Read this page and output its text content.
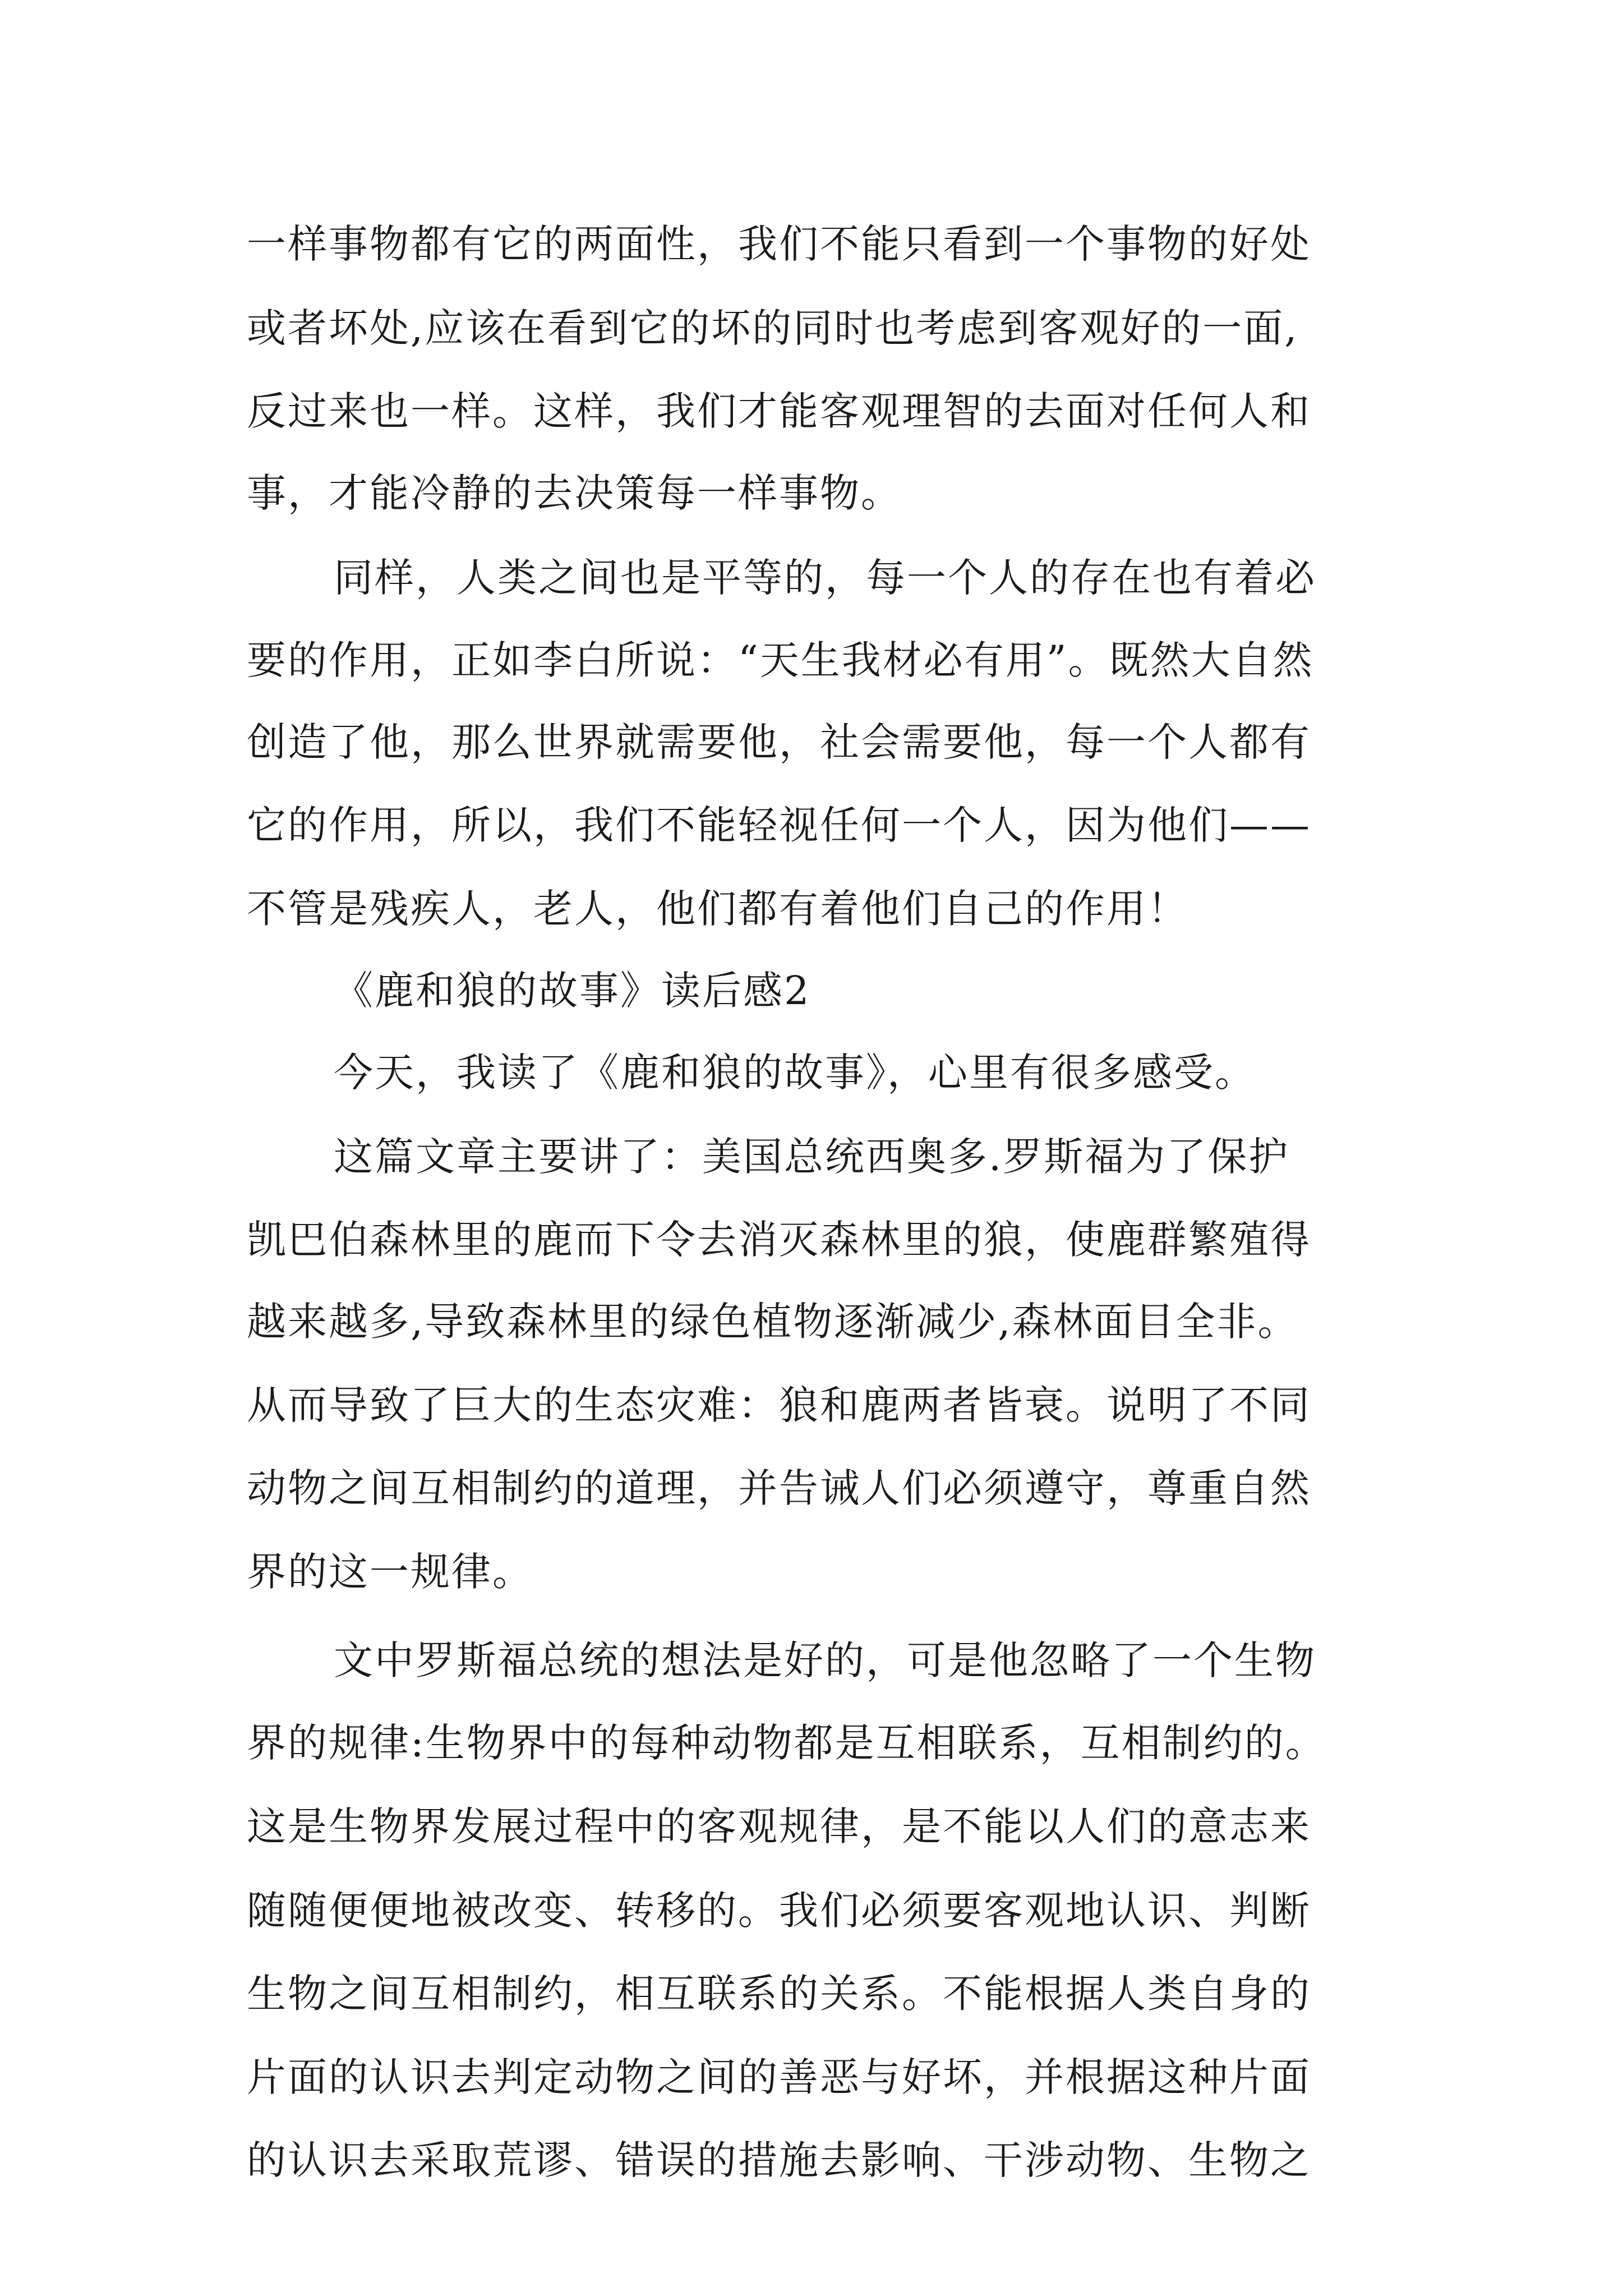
一样事物都有它的两面性，我们不能只看到一个事物的好处
或者坏处,应该在看到它的坏的同时也考虑到客观好的一面,
反过来也一样。这样，我们才能客观理智的去面对任何人和
事，才能冷静的去决策每一样事物。
同样，人类之间也是平等的，每一个人的存在也有着必
要的作用，正如李白所说：“天生我材必有用”。既然大自然
创造了他，那么世界就需要他，社会需要他，每一个人都有
它的作用，所以，我们不能轻视任何一个人，因为他们——
不管是残疾人，老人，他们都有着他们自己的作用！
《鹿和狼的故事》读后感2
今天，我读了《鹿和狼的故事》，心里有很多感受。
这篇文章主要讲了：美国总统西奥多.罗斯福为了保护
凯巴伯森林里的鹿而下令去消灭森林里的狼，使鹿群繁殖得
越来越多,导致森林里的绿色植物逐渐减少,森林面目全非。
从而导致了巨大的生态灾难：狼和鹿两者皆衰。说明了不同
动物之间互相制约的道理，并告诫人们必须遵守，尊重自然
界的这一规律。
文中罗斯福总统的想法是好的，可是他忽略了一个生物
界的规律:生物界中的每种动物都是互相联系，互相制约的。
这是生物界发展过程中的客观规律，是不能以人们的意志来
随随便便地被改变、转移的。我们必须要客观地认识、判断
生物之间互相制约，相互联系的关系。不能根据人类自身的
片面的认识去判定动物之间的善恶与好坏，并根据这种片面
的认识去采取荒谬、错误的措施去影响、干涉动物、生物之
